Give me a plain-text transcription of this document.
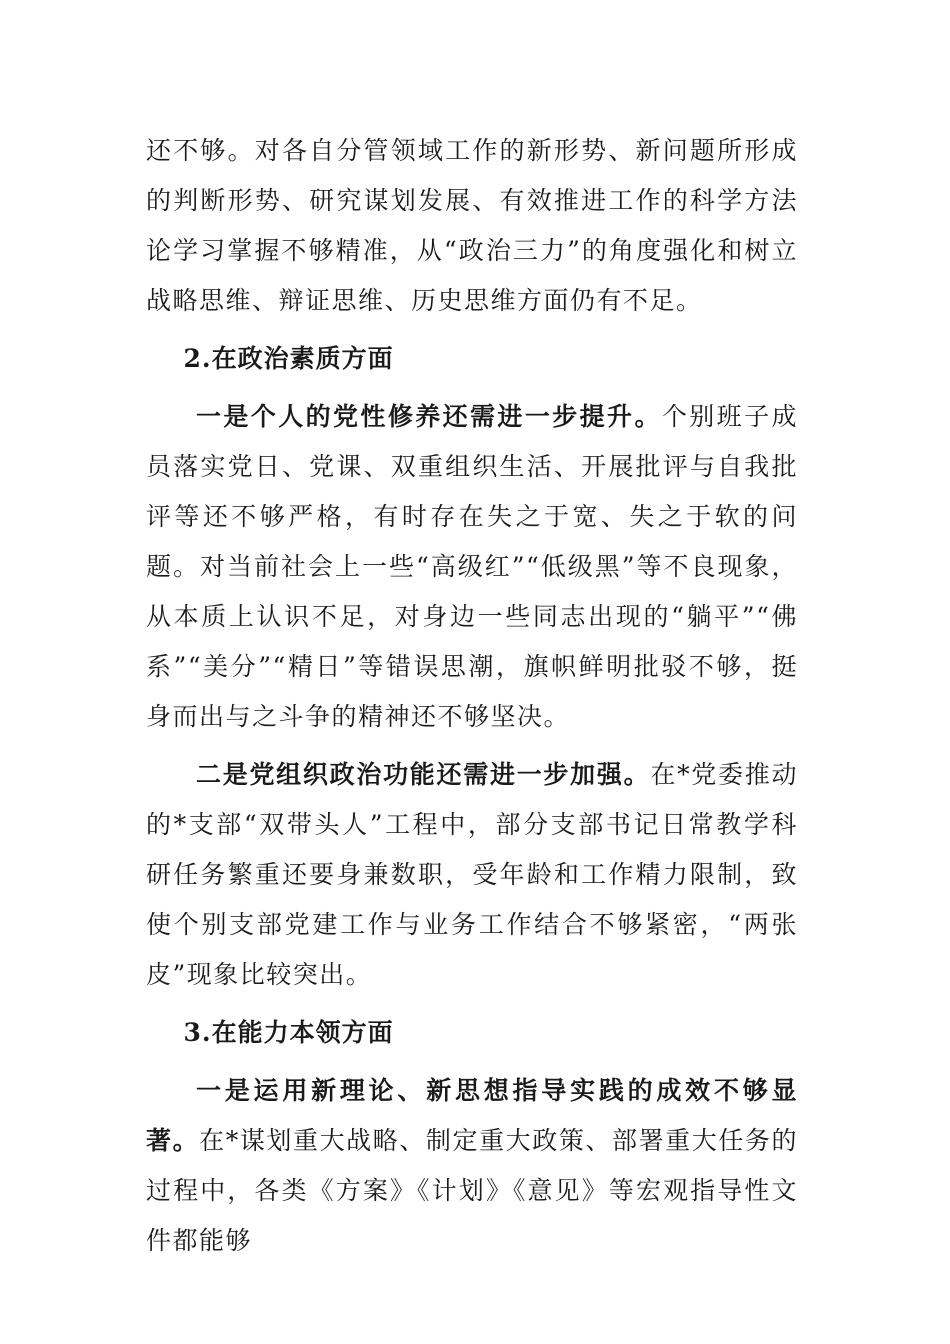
还不够。对各自分管领域工作的新形势、新问题所形成的判断形势、研究谋划发展、有效推进工作的科学方法论学习掌握不够精准，从“政治三力”的角度强化和树立战略思维、辩证思维、历史思维方面仍有不足。

2.在政治素质方面

一是个人的党性修养还需进一步提升。个别班子成员落实党日、党课、双重组织生活、开展批评与自我批评等还不够严格，有时存在失之于宽、失之于软的问题。对当前社会上一些“高级红”“低级黑”等不良现象，从本质上认识不足，对身边一些同志出现的“躺平”“佛系”“美分”“精日”等错误思潮，旗帜鲜明批驳不够，挺身而出与之斗争的精神还不够坚决。

二是党组织政治功能还需进一步加强。在*党委推动的*支部“双带头人”工程中，部分支部书记日常教学科研任务繁重还要身兼数职，受年龄和工作精力限制，致使个别支部党建工作与业务工作结合不够紧密，“两张皮”现象比较突出。

3.在能力本领方面

一是运用新理论、新思想指导实践的成效不够显著。在*谋划重大战略、制定重大政策、部署重大任务的过程中，各类《方案》《计划》《意见》等宏观指导性文件都能够
